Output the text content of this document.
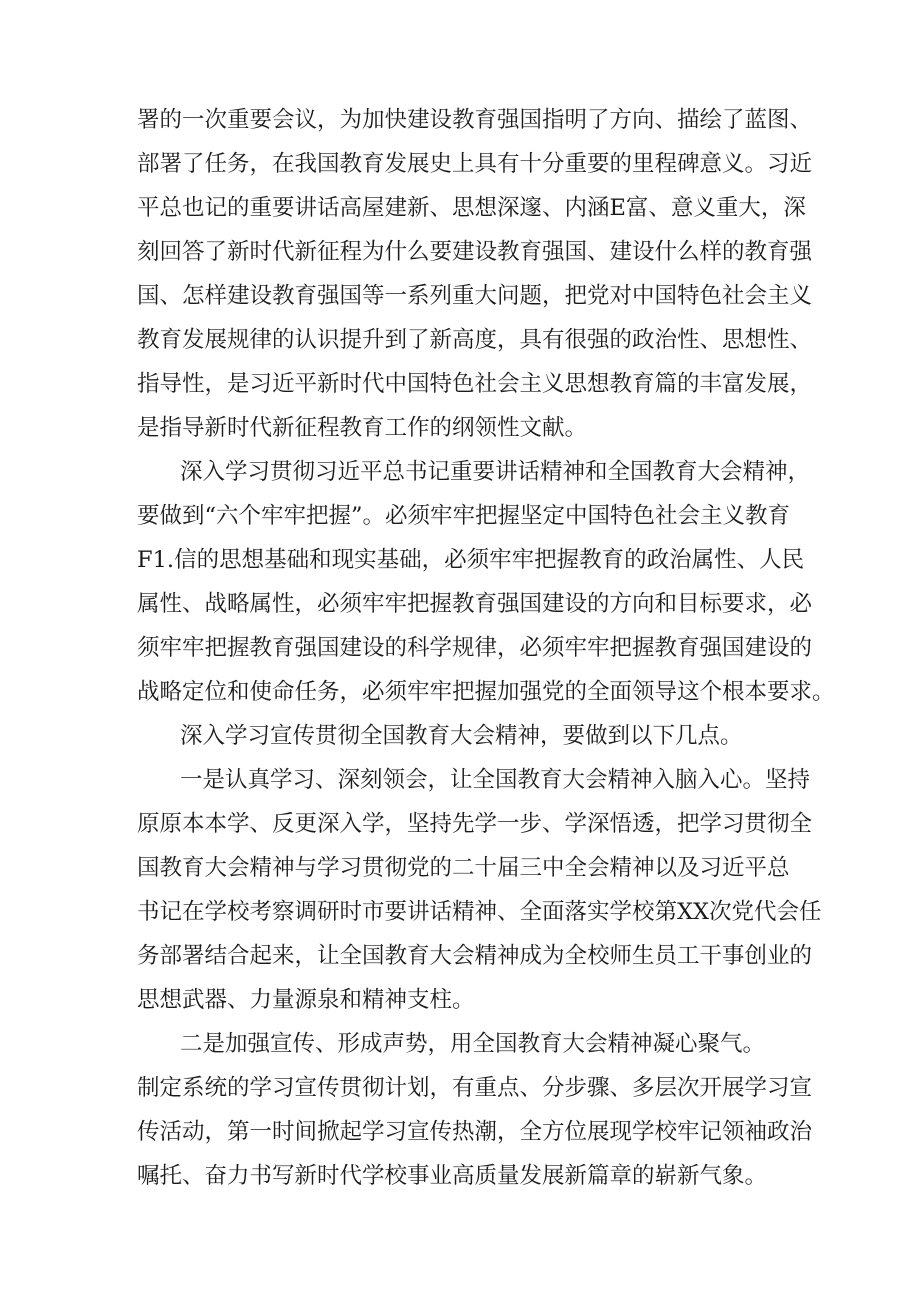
署的一次重要会议，为加快建设教育强国指明了方向、描绘了蓝图、
部署了任务，在我国教育发展史上具有十分重要的里程碑意义。习近
平总也记的重要讲话高屋建新、思想深邃、内涵E富、意义重大，深
刻回答了新时代新征程为什么要建设教育强国、建设什么样的教育强
国、怎样建设教育强国等一系列重大问题，把党对中国特色社会主义
教育发展规律的认识提升到了新高度，具有很强的政治性、思想性、
指导性，是习近平新时代中国特色社会主义思想教育篇的丰富发展，
是指导新时代新征程教育工作的纲领性文献。
深入学习贯彻习近平总书记重要讲话精神和全国教育大会精神，
要做到“六个牢牢把握”。必须牢牢把握坚定中国特色社会主义教育
F1.信的思想基础和现实基础，必须牢牢把握教育的政治属性、人民
属性、战略属性，必须牢牢把握教育强国建设的方向和目标要求，必
须牢牢把握教育强国建设的科学规律，必须牢牢把握教育强国建设的
战略定位和使命任务，必须牢牢把握加强党的全面领导这个根本要求。
深入学习宣传贯彻全国教育大会精神，要做到以下几点。
一是认真学习、深刻领会，让全国教育大会精神入脑入心。坚持
原原本本学、反更深入学，坚持先学一步、学深悟透，把学习贯彻全
国教育大会精神与学习贯彻党的二十届三中全会精神以及习近平总
书记在学校考察调研时市要讲话精神、全面落实学校第XX次党代会任
务部署结合起来，让全国教育大会精神成为全校师生员工干事创业的
思想武器、力量源泉和精神支柱。
二是加强宣传、形成声势，用全国教育大会精神凝心聚气。
制定系统的学习宣传贯彻计划，有重点、分步骤、多层次开展学习宣
传活动，第一时间掀起学习宣传热潮，全方位展现学校牢记领袖政治
嘱托、奋力书写新时代学校事业高质量发展新篇章的崭新气象。
